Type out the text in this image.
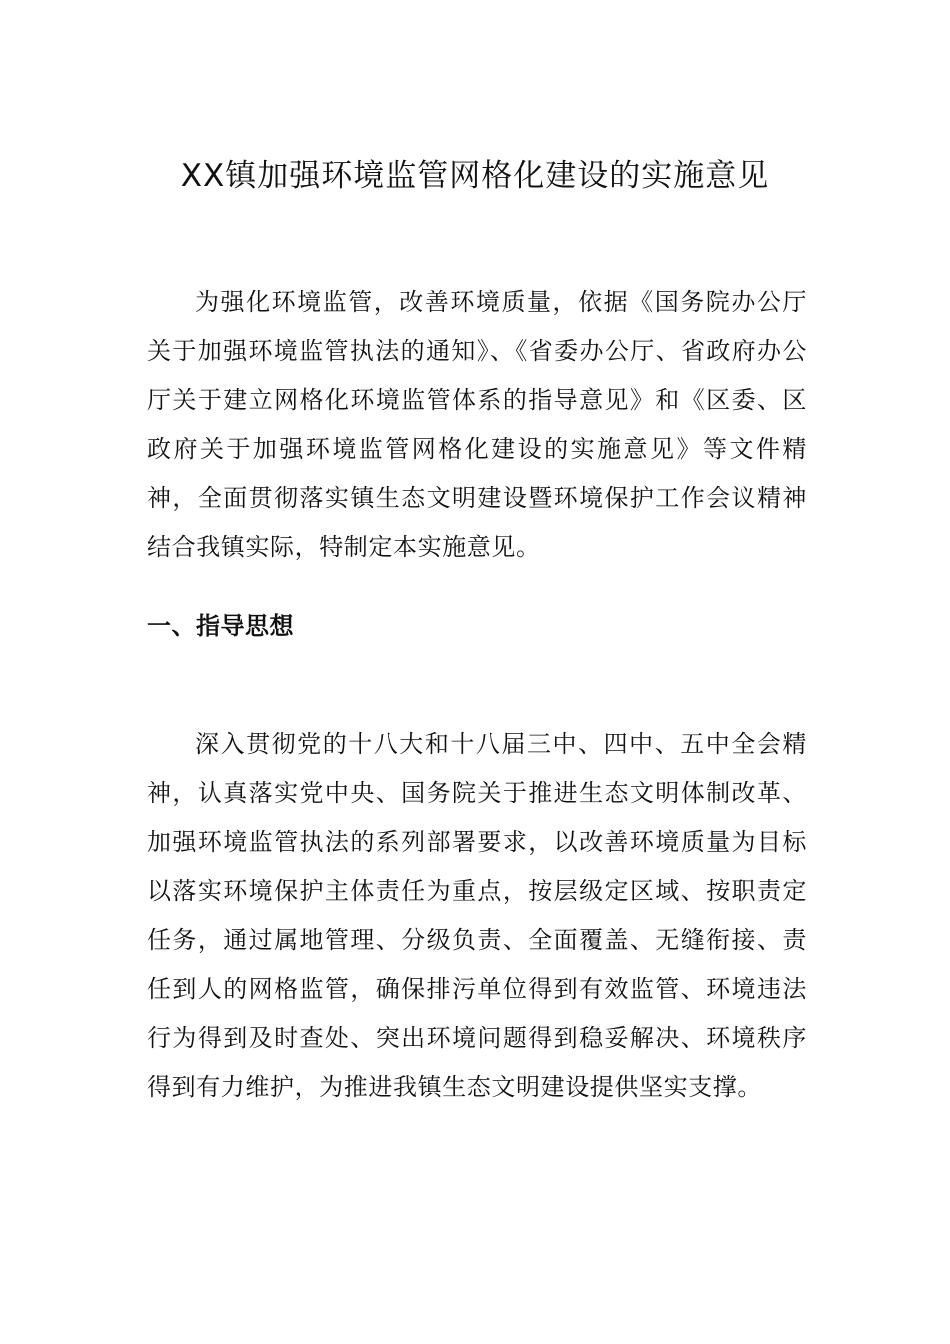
XX镇加强环境监管网格化建设的实施意见

为强化环境监管，改善环境质量，依据《国务院办公厅关于加强环境监管执法的通知》、《省委办公厅、省政府办公厅关于建立网格化环境监管体系的指导意见》和《区委、区政府关于加强环境监管网格化建设的实施意见》等文件精神，全面贯彻落实镇生态文明建设暨环境保护工作会议精神结合我镇实际，特制定本实施意见。

一、指导思想

深入贯彻党的十八大和十八届三中、四中、五中全会精神，认真落实党中央、国务院关于推进生态文明体制改革、加强环境监管执法的系列部署要求，以改善环境质量为目标以落实环境保护主体责任为重点，按层级定区域、按职责定任务，通过属地管理、分级负责、全面覆盖、无缝衔接、责任到人的网格监管，确保排污单位得到有效监管、环境违法行为得到及时查处、突出环境问题得到稳妥解决、环境秩序得到有力维护，为推进我镇生态文明建设提供坚实支撑。
